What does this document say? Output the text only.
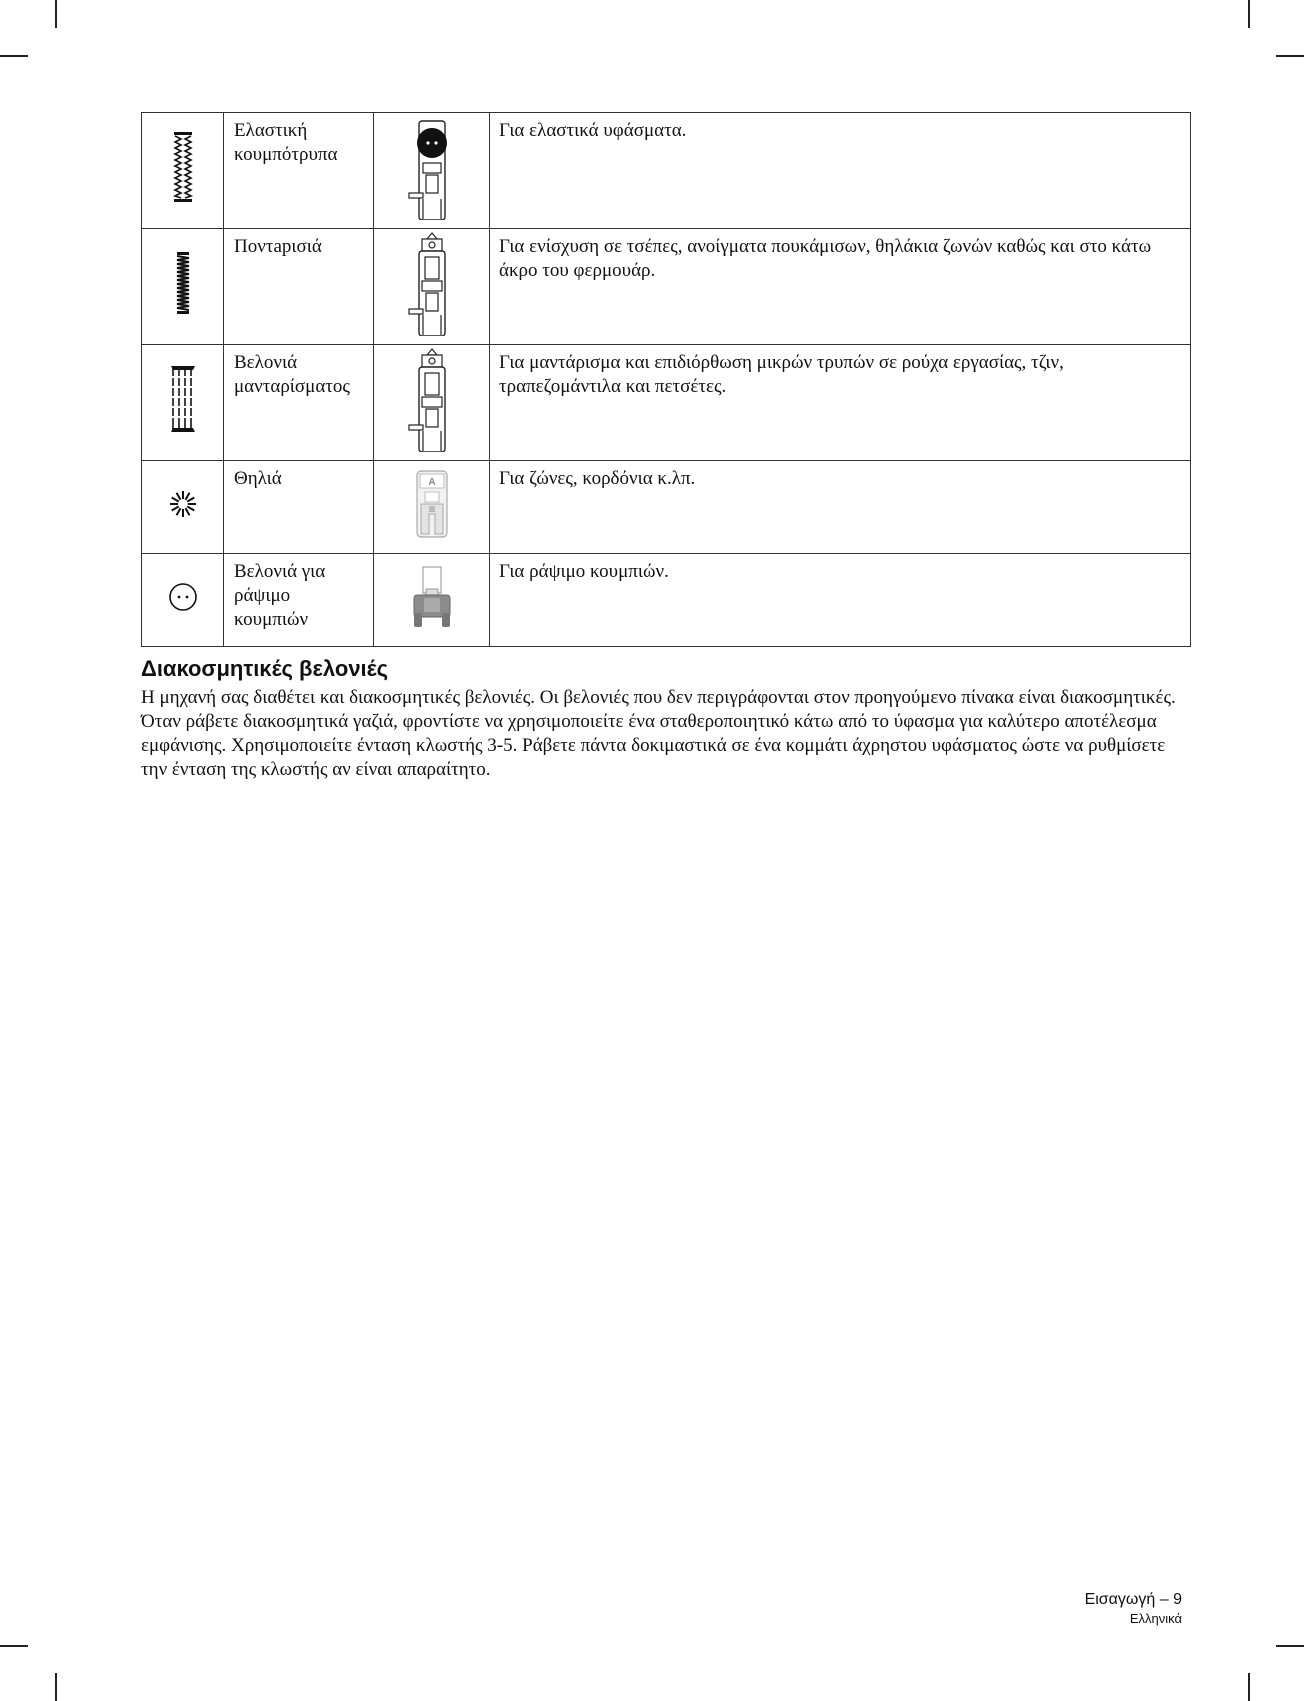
	Ελαστική κουμπότρυπα		Για ελαστικά υφάσματα.
	Ποντарισιά		Για ενίσχυση σε τσέπες, ανοίγματα πουκάμισων, θηλάκια ζωνών καθώς και στο κάτω άκρο του φερμουάρ.
	Βελονιά μανταρίσματος		Για μαντάρισμα και επιδιόρθωση μικρών τρυπών σε ρούχα εργασίας, τζιν, τραπεζομάντιλα και πετσέτες.
	Θηλιά	A	Για ζώνες, κορδόνια κ.λπ.
	Βελονιά για ράψιμο κουμπιών		Για ράψιμο κουμπιών.
Διακοσμητικές βελονιές

Η μηχανή σας διαθέτει και διακοσμητικές βελονιές. Οι βελονιές που δεν περιγράφονται στον προηγούμενο πίνακα είναι διακοσμητικές. Όταν ράβετε διακοσμητικά γαζιά, φροντίστε να χρησιμοποιείτε ένα σταθεροποιητικό κάτω από το ύφασμα για καλύτερο αποτέλεσμα εμφάνισης. Χρησιμοποιείτε ένταση κλωστής 3-5. Ράβετε πάντα δοκιμαστικά σε ένα κομμάτι άχρηστου υφάσματος ώστε να ρυθμίσετε την ένταση της κλωστής αν είναι απαραίτητο.

Εισαγωγή – 9
Ελληνικά
